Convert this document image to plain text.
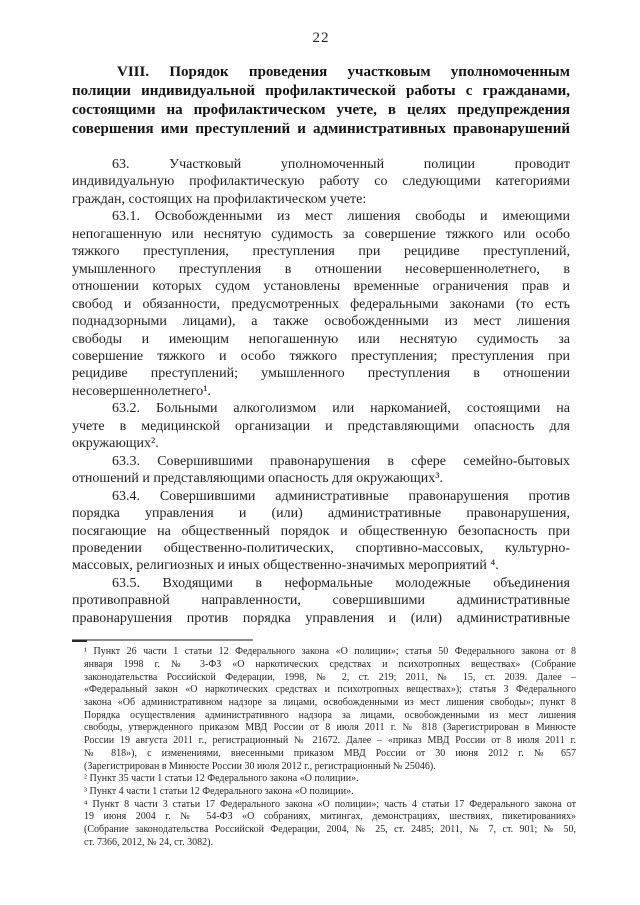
22
VIII. Порядок проведения участковым уполномоченным
полиции индивидуальной профилактической работы с гражданами,
состоящими на профилактическом учете, в целях предупреждения
совершения ими преступлений и административных правонарушений
63. Участковый уполномоченный полиции проводит
индивидуальную профилактическую работу со следующими категориями
граждан, состоящих на профилактическом учете:
63.1. Освобожденными из мест лишения свободы и имеющими
непогашенную или неснятую судимость за совершение тяжкого или особо
тяжкого преступления, преступления при рецидиве преступлений,
умышленного преступления в отношении несовершеннолетнего, в
отношении которых судом установлены временные ограничения прав и
свобод и обязанности, предусмотренных федеральными законами (то есть
поднадзорными лицами), а также освобожденными из мест лишения
свободы и имеющим непогашенную или неснятую судимость за
совершение тяжкого и особо тяжкого преступления; преступления при
рецидиве преступлений; умышленного преступления в отношении
несовершеннолетнего¹.
63.2. Больными алкоголизмом или наркоманией, состоящими на
учете в медицинской организации и представляющими опасность для
окружающих².
63.3. Совершившими правонарушения в сфере семейно-бытовых
отношений и представляющими опасность для окружающих³.
63.4. Совершившими административные правонарушения против
порядка управления и (или) административные правонарушения,
посягающие на общественный порядок и общественную безопасность при
проведении общественно-политических, спортивно-массовых, культурно-
массовых, религиозных и иных общественно-значимых мероприятий ⁴.
63.5. Входящими в неформальные молодежные объединения
противоправной направленности, совершившими административные
правонарушения против порядка управления и (или) административные
¹ Пункт 26 части 1 статьи 12 Федерального закона «О полиции»; статья 50 Федерального закона от 8
января 1998 г. № 3-ФЗ «О наркотических средствах и психотропных веществах» (Собрание
законодательства Российской Федерации, 1998, № 2, ст. 219; 2011, № 15, ст. 2039. Далее –
«Федеральный закон «О наркотических средствах и психотропных веществах»); статья 3 Федерального
закона «Об административном надзоре за лицами, освобожденными из мест лишения свободы»; пункт 8
Порядка осуществления административного надзора за лицами, освобожденными из мест лишения
свободы, утвержденного приказом МВД России от 8 июля 2011 г. № 818 (Зарегистрирован в Минюсте
России 19 августа 2011 г., регистрационный № 21672. Далее – «приказ МВД России от 8 июля 2011 г.
№ 818»), с изменениями, внесенными приказом МВД России от 30 июня 2012 г. № 657
(Зарегистрирован в Минюсте России 30 июля 2012 г., регистрационный № 25046).
² Пункт 35 части 1 статьи 12 Федерального закона «О полиции».
³ Пункт 4 части 1 статьи 12 Федерального закона «О полиции».
⁴ Пункт 8 части 3 статьи 17 Федерального закона «О полиции»; часть 4 статьи 17 Федерального закона от
19 июня 2004 г. № 54-ФЗ «О собраниях, митингах, демонстрациях, шествиях, пикетированиях»
(Собрание законодательства Российской Федерации, 2004, № 25, ст. 2485; 2011, № 7, ст. 901; № 50,
ст. 7366, 2012, № 24, ст. 3082).
